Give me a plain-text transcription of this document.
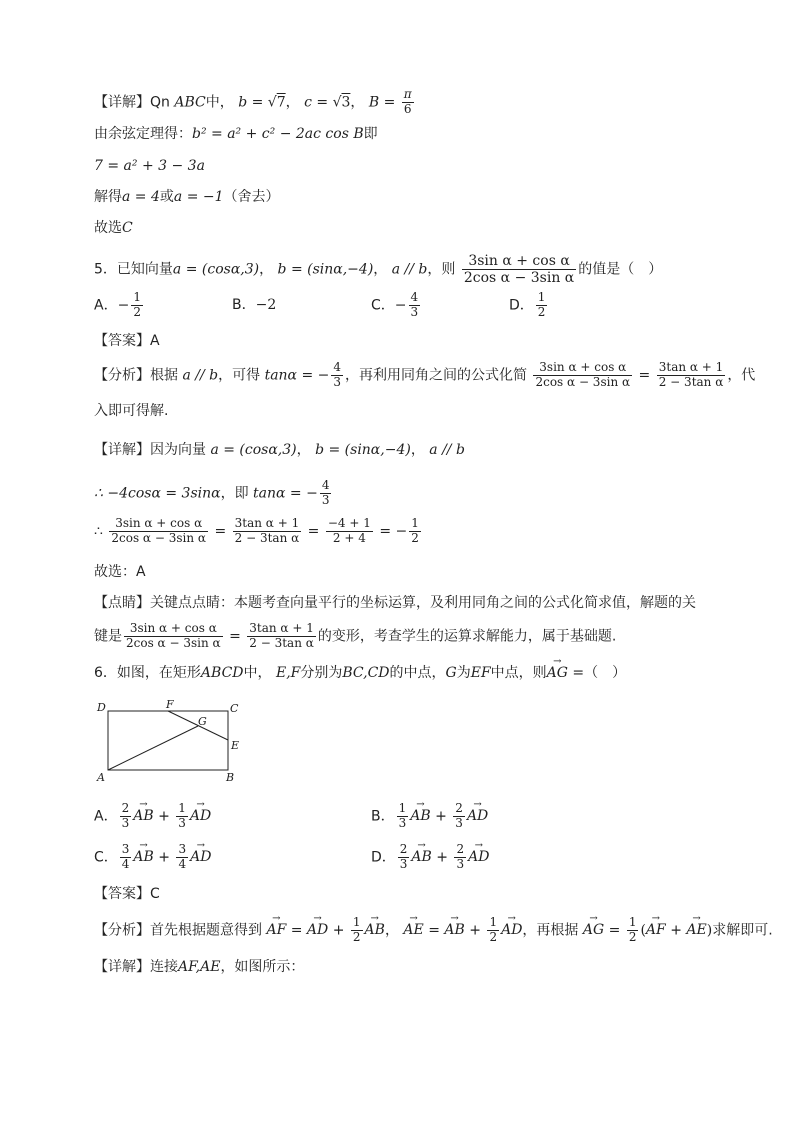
【详解】Qn ABC中， b = √7， c = √3， $B = \frac{\pi}{6}$
由余弦定理得：b² = a² + c² − 2ac cos B即
7 = a² + 3 − 3a
解得a = 4或a = −1（舍去）
故选C
5．已知向量a = (cosα,3)， b = (sinα,−4)， a // b，则 $\frac{\text{3sin α + cos α}}{\text{2cos α − 3sin α}}$ 的值是（　）
A．− $\frac{1}{2}$	B．−2	C．− $\frac{4}{3}$	D． $\frac{1}{2}$
【答案】A
【分析】根据 a // b，可得 tanα = − $\frac{4}{3}$ ，再利用同角之间的公式化简 $\frac{\text{3sin α + cos α}}{\text{2cos α − 3sin α}} = \frac{\text{3tan α + 1}}{\text{2 − 3tan α}}$ ，代
入即可得解.
【详解】因为向量 a = (cosα,3)， b = (sinα,−4)， a // b
∴ −4cosα = 3sinα，即 tanα = − $\frac{4}{3}$
∴ $\frac{\text{3sin α + cos α}}{\text{2cos α − 3sin α}} = \frac{\text{3tan α + 1}}{\text{2 − 3tan α}} = \frac{-4 + 1}{2 + 4}$ = − $\frac{1}{2}$
故选：A
【点睛】关键点点睛：本题考查向量平行的坐标运算，及利用同角之间的公式化简求值，解题的关
键是 $\frac{\text{3sin α + cos α}}{\text{2cos α − 3sin α}} = \frac{\text{3tan α + 1}}{\text{2 − 3tan α}}$ 的变形，考查学生的运算求解能力，属于基础题.
6．如图，在矩形ABCD中， E,F分别为BC,CD的中点，G为EF中点，则→ AG =（　）
D	C
A	B
F
G
E
A． $\frac{2}{3}$ → AB + $\frac{1}{3}$ → AD	B． $\frac{1}{3}$ → AB + $\frac{2}{3}$ → AD
C． $\frac{3}{4}$ → AB + $\frac{3}{4}$ → AD	D． $\frac{2}{3}$ → AB + $\frac{2}{3}$ → AD
【答案】C
【分析】首先根据题意得到 → AF = → AD + $\frac{1}{2}$ → AB， → AE = → AB + $\frac{1}{2}$ → AD，再根据 → AG = $\frac{1}{2}$ (→ AF + → AE)求解即可.
【详解】连接AF,AE，如图所示：
